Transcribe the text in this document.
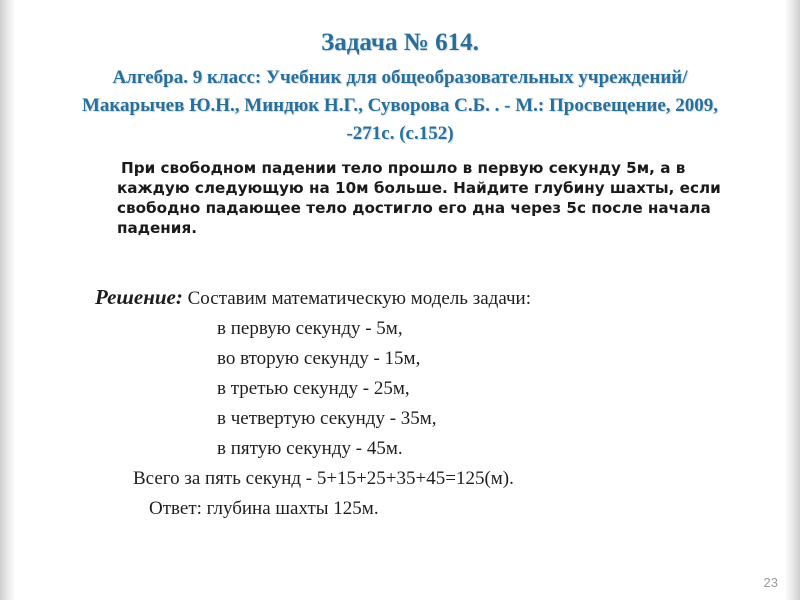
Задача № 614.
Алгебра. 9 класс: Учебник для общеобразовательных учреждений/
Макарычев Ю.Н., Миндюк Н.Г., Суворова С.Б. . - М.: Просвещение, 2009,
-271с. (с.152)
При свободном падении тело прошло в первую секунду 5м, а в каждую следующую на 10м больше. Найдите глубину шахты, если свободно падающее тело достигло его дна через 5с после начала падения.
Решение: Составим математическую модель задачи:
в первую секунду - 5м,
во вторую секунду - 15м,
в третью секунду - 25м,
в четвертую секунду - 35м,
в пятую секунду - 45м.
Всего за пять секунд - 5+15+25+35+45=125(м).
Ответ: глубина шахты 125м.
23
